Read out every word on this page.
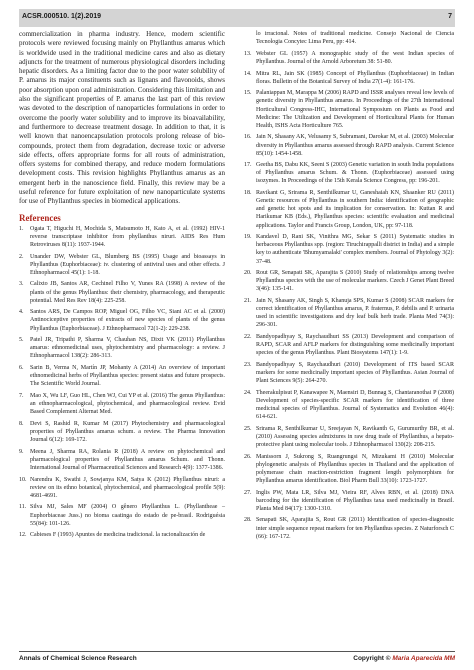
ACSR.000510. 1(2).2019	7

commercialization in pharma industry. Hence, modern scientific protocols were reviewed focusing mainly on Phyllanthus amarus which is worldwide used in the traditional medicine cares and also as dietary adjuncts for the treatment of numerous physiological disorders including hepatic disorders. As a limiting factor due to the poor water solubility of P. amarus its major constituents such as lignans and flavonoids, shows poor absorption upon oral administration. Considering this limitation and also the significant properties of P. amarus the last part of this review was devoted to the description of nanoparticles formulations in order to overcome the poorly water solubility and to improve its bioavailability, and furthermore to decrease treatment dosage. In addition to that, it is well known that nanoencapsulation protocols prolong release of bio-compounds, protect them from degradation, decrease toxic or adverse side effects, offers appropriate forms for all routs of administration, offers systems for combined therapy, and reduce modern formulations development costs. This revision highlights Phyllanthus amarus as an emergent herb in the nanoscience field. Finally, this review may be a useful reference for future exploitation of new nanoparticulate systems for use of Phyllanthus species in biomedical applications.

References
1.	Ogata T, Higuchi H, Mochida S, Matsumoto H, Kato A, et al. (1992) HIV-1 reverse transcriptase inhibitor from phyllanthus niruri. AIDS Res Hum Retroviruses 8(11): 1937-1944.
2.	Unander DW, Webster GL, Blumberg BS (1995) Usage and bioassays in Phyllanthus (Euphorbiaceae): iv. clustering of antiviral uses and other effects. J Ethnopharmacol 45(1): 1-18.
3.	Calixto JB, Santos AR, Cechinel Filho V, Yunes RA (1998) A review of the plants of the genus Phyllanthus: their chemistry, pharmacology, and therapeutic potential. Med Res Rev 18(4): 225-258.
4.	Santos ARS, De Campos ROP, Miguel OG, Filho VC, Siani AC et al. (2000) Antinociceptive properties of extracts of new species of plants of the genus Phyllanthus (Euphorbiaceae). J Ethnopharmacol 72(1-2): 229-238.
5.	Patel JR, Tripathi P, Sharma V, Chauhan NS, Dixit VK (2011) Phyllanthus amarus: ethnomedicinal uses, phytochemistry and pharmacology: a review. J Ethnopharmacol 138(2): 286-313.
6.	Sarin B, Verma N, Martín JP, Mohanty A (2014) An overview of important ethnomedicinal herbs of Phyllanthus species: present status and future prospects. The Scientific World Journal.
7.	Mao X, Wu LF, Guo HL, Chen WJ, Cui YP et al. (2016) The genus Phyllanthus: an ethnopharmacological, phytochemical, and pharmacological review. Evid Based Complement Alternat Med.
8.	Devi S, Rashid R, Kumar M (2017) Phytochemistry and pharmacological properties of Phyllanthus amarus schum. a review. The Pharma Innovation Journal 6(12): 169-172.
9.	Meena J, Sharma RA, Rolania R (2018) A review on phytochemical and pharmacological properties of Phyllanthus amarus Schum. and Thonn. International Journal of Pharmaceutical Sciences and Research 4(9): 1377-1386.
10. Narendra K, Swathi J, Sowjanya KM, Satya K (2012) Phyllanthus niruri: a review on its ethno botanical, phytochemical, and pharmacological profile 5(9): 4681-4691.
11. Silva MJ, Sales MF (2004) O gênero Phyllanthus L. (Phyllantheae – Euphorbiaceae Juss.) no bioma caatinga do estado de pe-brasil. Rodriguésia 55(84): 101-126.
12. Cabieses F (1993) Apuntes de medicina tradicional. la racionalización de

lo irracional. Notes of traditional medicine. Consejo Nacional de Ciencia Tecnologia Concytec Lima Peru, pp: 414.

13. Webster GL (1957) A monographic study of the west Indian species of Phyllanthus. Journal of the Arnold Arboretum 38: 51-80.
14. Mitra RL, Jain SK (1985) Concept of Phyllanthus (Euphorbiaceae) in Indian floras. Bulletin of the Botanical Survey of India 27(1-4): 161-176.
15. Palaniappan M, Marappa M (2006) RAPD and ISSR analyses reveal low levels of genetic diversity in Phyllanthus amarus. In Proceedings of the 27th International Horticultural Congress-IHC, International Symposium on Plants as Food and Medicine: The Utilization and Development of Horticultural Plants for Human Health, ISHS Acta Horticulture 765.
16. Jain N, Shasany AK, Velusamy S, Subramani, Darokar M, et al. (2003) Molecular diversity in Phyllanthus amarus assessed through RAPD analysis. Current Science 85(10): 1454-1458.
17. Geetha BS, Dabu KK, Seeni S (2003) Genetic variation in south India populations of Phyllanthus amarus Schum. & Thonn. (Euphorbiaceae) assessed using isozymes. In Proceedings of the 15th Kerala Science Congress, pp: 196-201.
18. Ravikant G, Srirama R, Senthilkumar U, Ganeshaiah KN, Shaanker RU (2011) Genetic resources of Phyllanthus in southern India: identification of geographic and genetic hot spots and its implication for conservation. In: Kuttan R and Harikumar KB (Eds.), Phyllanthus species: scientific evaluation and medicinal applications. Taylor and Francis Group, London, UK, pp: 97-118.
19. Kandavel D, Rani SK, Vinithra MG, Sekar S (2011) Systematic studies in herbaceous Phyllanthus spp. (region: Tiruchirappalli district in India) and a simple key to authenticate 'Bhumyamalaki' complex members. Journal of Phytology 3(2): 37-48.
20. Rout GR, Senapati SK, Aparajita S (2010) Study of relationships among twelve Phyllanthus species with the use of molecular markers. Czech J Genet Plant Breed 3(46): 135-141.
21. Jain N, Shasany AK, Singh S, Khanuja SPS, Kumar S (2008) SCAR markers for correct identification of Phyllanthus amarus, P. fraternus, P. debilis and P. urinaria used in scientific investigations and dry leaf bulk herb trade. Planta Med 74(3): 296-301.
22. Bandyopadhyay S, Raychaudhuri SS (2013) Development and comparison of RAPD, SCAR and AFLP markers for distinguishing some medicinally important species of the genus Phyllanthus. Plant Biosystems 147(1): 1-9.
23. Bandyopadhyay S, Raychaudhuri (2010) Development of ITS based SCAR markers for some medicinally important species of Phyllanthus. Asian Journal of Plant Sciences 9(5): 264-270.
24. Theerakulpisut P, Kanawapee N, Maensiri D, Bunnag S, Chantaranothai P (2008) Development of species-specific SCAR markers for identification of three medicinal species of Phyllanthus. Journal of Systematics and Evolution 46(4): 614-621.
25. Srirama R, Senthilkumar U, Sreejayan N, Ravikanth G, Gurumurthy BR, et al. (2010) Assessing species admixtures in raw drug trade of Phyllanthus, a hepato-protective plant using molecular tools. J Ethnopharmacol 130(2): 208-215.
26. Manissorn J, Sukrong S, Ruangrungsi N, Mizukami H (2010) Molecular phylogenetic analysis of Phyllanthus species in Thailand and the application of polymerase chain reaction-restriction fragment length polymorphism for Phyllanthus amarus identification. Biol Pharm Bull 33(10): 1723-1727.
27. Inglis PW, Mata LR, Silva MJ, Vieira RF, Alves RBN, et al. (2018) DNA barcoding for the identification of Phyllanthus taxa used medicinally in Brazil. Planta Med 84(17): 1300-1310.
28. Senapati SK, Aparajita S, Rout GR (2011) Identification of species-diagnostic inter simple sequence repeat markers for ten Phyllanthus species. Z Naturforsch C (66): 167-172.
Annals of Chemical Science Research	Copyright © Maria Aparecida MM
